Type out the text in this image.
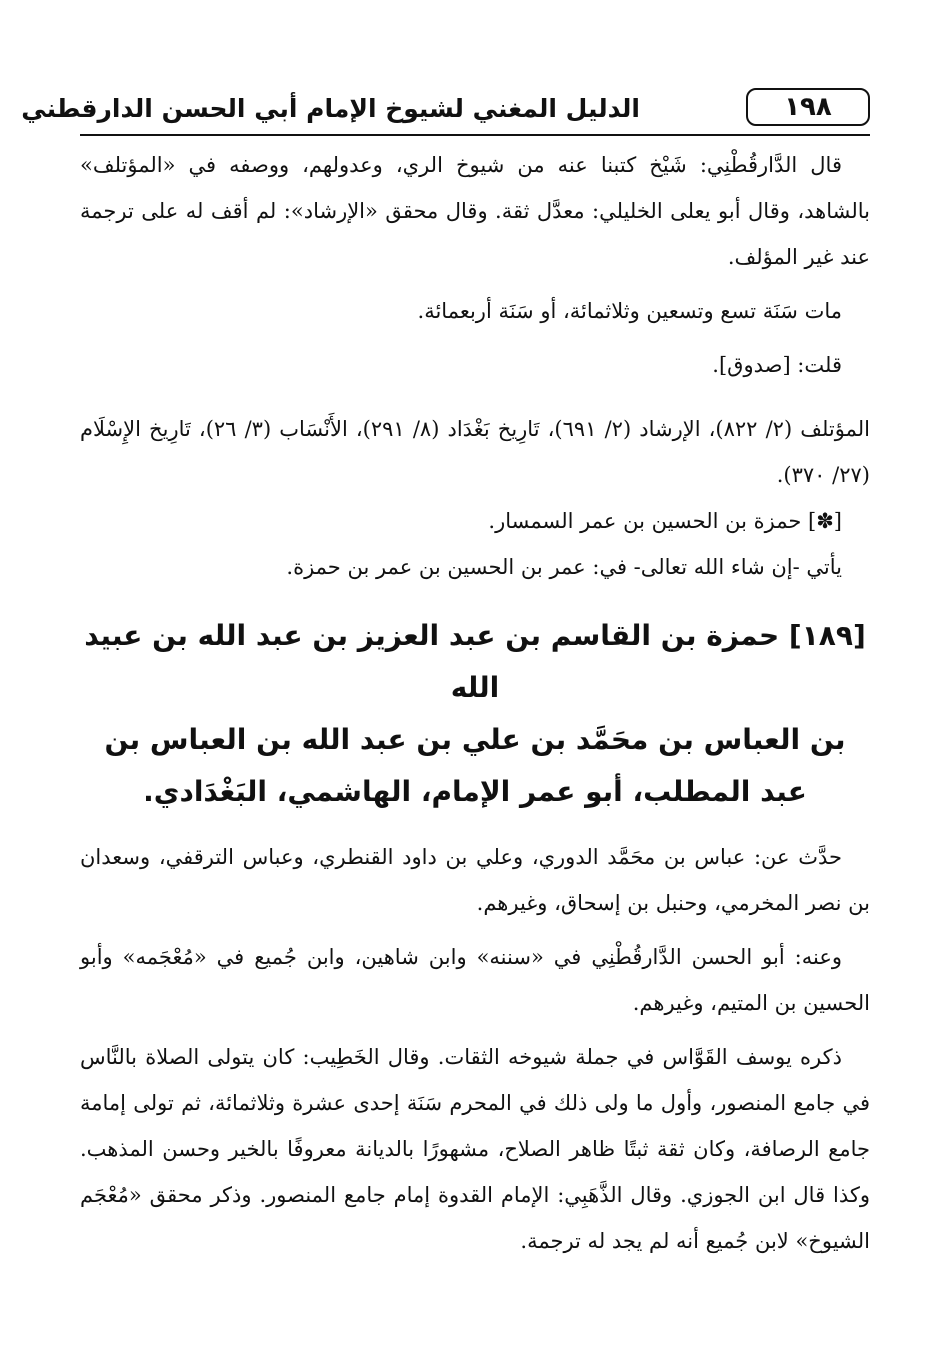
١٩٨
الدليل المغني لشيوخ الإمام أبي الحسن الدارقطني

قال الدَّارقُطْنِي: شَيْخ كتبنا عنه من شيوخ الري، وعدولهم، ووصفه في «المؤتلف» بالشاهد، وقال أبو يعلى الخليلي: معدَّل ثقة. وقال محقق «الإرشاد»: لم أقف له على ترجمة عند غير المؤلف.

مات سَنَة تسع وتسعين وثلاثمائة، أو سَنَة أربعمائة.

قلت: [صدوق].

المؤتلف (٢/ ٨٢٢)، الإرشاد (٢/ ٦٩١)، تَارِيخ بَغْدَاد (٨/ ٢٩١)، الأَنْسَاب (٣/ ٢٦)، تَارِيخ الإِسْلَام (٢٧/ ٣٧٠).

[✽] حمزة بن الحسين بن عمر السمسار.

يأتي -إن شاء الله تعالى- في: عمر بن الحسين بن عمر بن حمزة.

[١٨٩] حمزة بن القاسم بن عبد العزيز بن عبد الله بن عبيد الله

بن العباس بن محَمَّد بن علي بن عبد الله بن العباس بن

عبد المطلب، أبو عمر الإمام، الهاشمي، البَغْدَادي.

حدَّث عن: عباس بن محَمَّد الدوري، وعلي بن داود القنطري، وعباس الترقفي، وسعدان بن نصر المخرمي، وحنبل بن إسحاق، وغيرهم.

وعنه: أبو الحسن الدَّارقُطْنِي في «سننه» وابن شاهين، وابن جُميع في «مُعْجَمه» وأبو الحسين بن المتيم، وغيرهم.

ذكره يوسف القَوَّاس في جملة شيوخه الثقات. وقال الخَطِيب: كان يتولى الصلاة بالنَّاس في جامع المنصور، وأول ما ولى ذلك في المحرم سَنَة إحدى عشرة وثلاثمائة، ثم تولى إمامة جامع الرصافة، وكان ثقة ثبتًا ظاهر الصلاح، مشهورًا بالديانة معروفًا بالخير وحسن المذهب. وكذا قال ابن الجوزي. وقال الذَّهَبِي: الإمام القدوة إمام جامع المنصور. وذكر محقق «مُعْجَم الشيوخ» لابن جُميع أنه لم يجد له ترجمة.
